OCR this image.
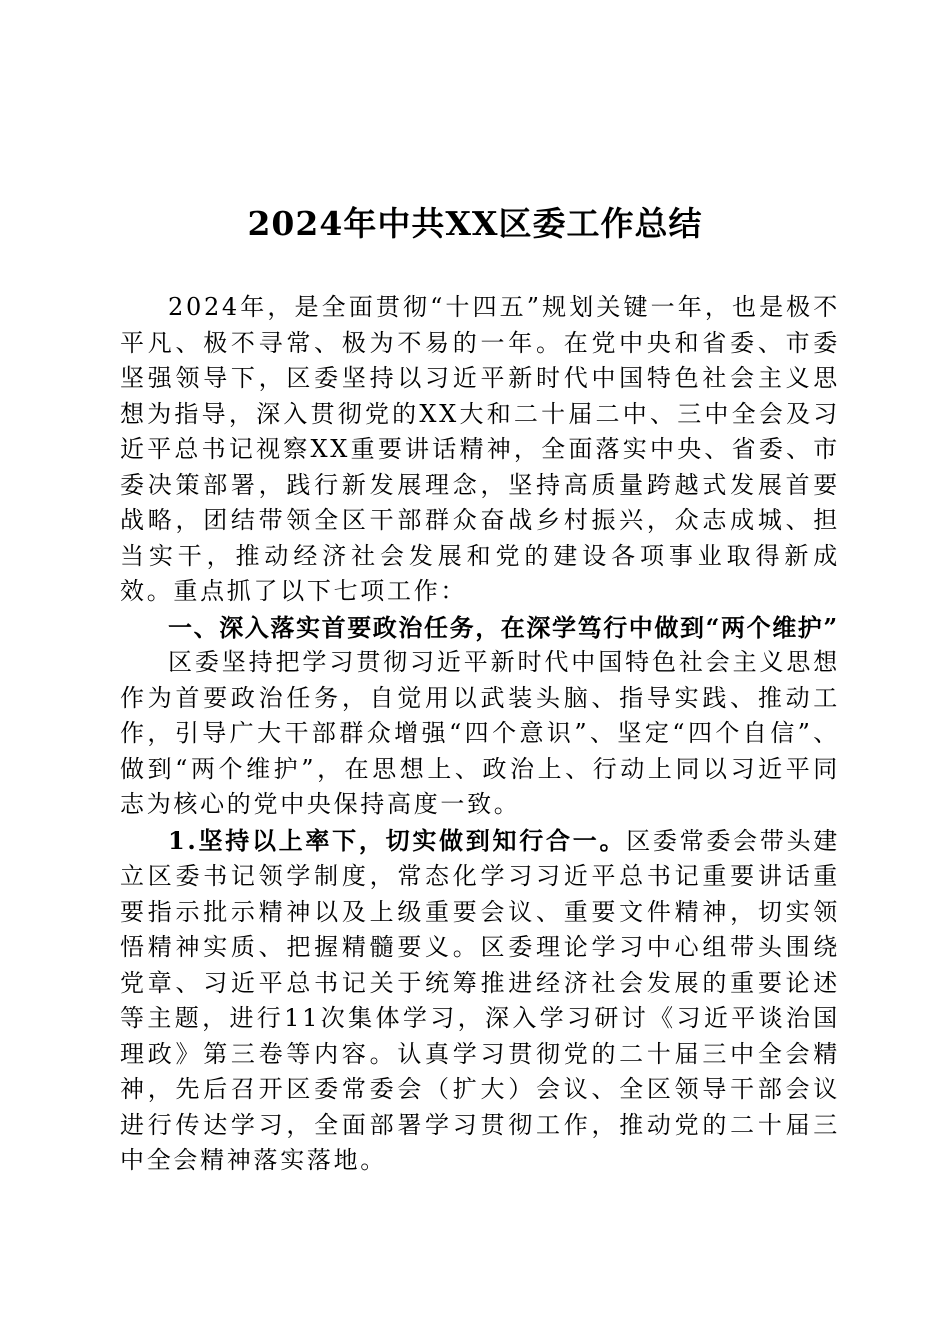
2024年中共XX区委工作总结

2024年，是全面贯彻“十四五”规划关键一年，也是极不平凡、极不寻常、极为不易的一年。在党中央和省委、市委坚强领导下，区委坚持以习近平新时代中国特色社会主义思想为指导，深入贯彻党的XX大和二十届二中、三中全会及习近平总书记视察XX重要讲话精神，全面落实中央、省委、市委决策部署，践行新发展理念，坚持高质量跨越式发展首要战略，团结带领全区干部群众奋战乡村振兴，众志成城、担当实干，推动经济社会发展和党的建设各项事业取得新成效。重点抓了以下七项工作：

一、深入落实首要政治任务，在深学笃行中做到“两个维护”

区委坚持把学习贯彻习近平新时代中国特色社会主义思想作为首要政治任务，自觉用以武装头脑、指导实践、推动工作，引导广大干部群众增强“四个意识”、坚定“四个自信”、做到“两个维护”，在思想上、政治上、行动上同以习近平同志为核心的党中央保持高度一致。

1.坚持以上率下，切实做到知行合一。区委常委会带头建立区委书记领学制度，常态化学习习近平总书记重要讲话重要指示批示精神以及上级重要会议、重要文件精神，切实领悟精神实质、把握精髓要义。区委理论学习中心组带头围绕党章、习近平总书记关于统筹推进经济社会发展的重要论述等主题，进行11次集体学习，深入学习研讨《习近平谈治国理政》第三卷等内容。认真学习贯彻党的二十届三中全会精神，先后召开区委常委会（扩大）会议、全区领导干部会议进行传达学习，全面部署学习贯彻工作，推动党的二十届三中全会精神落实落地。
